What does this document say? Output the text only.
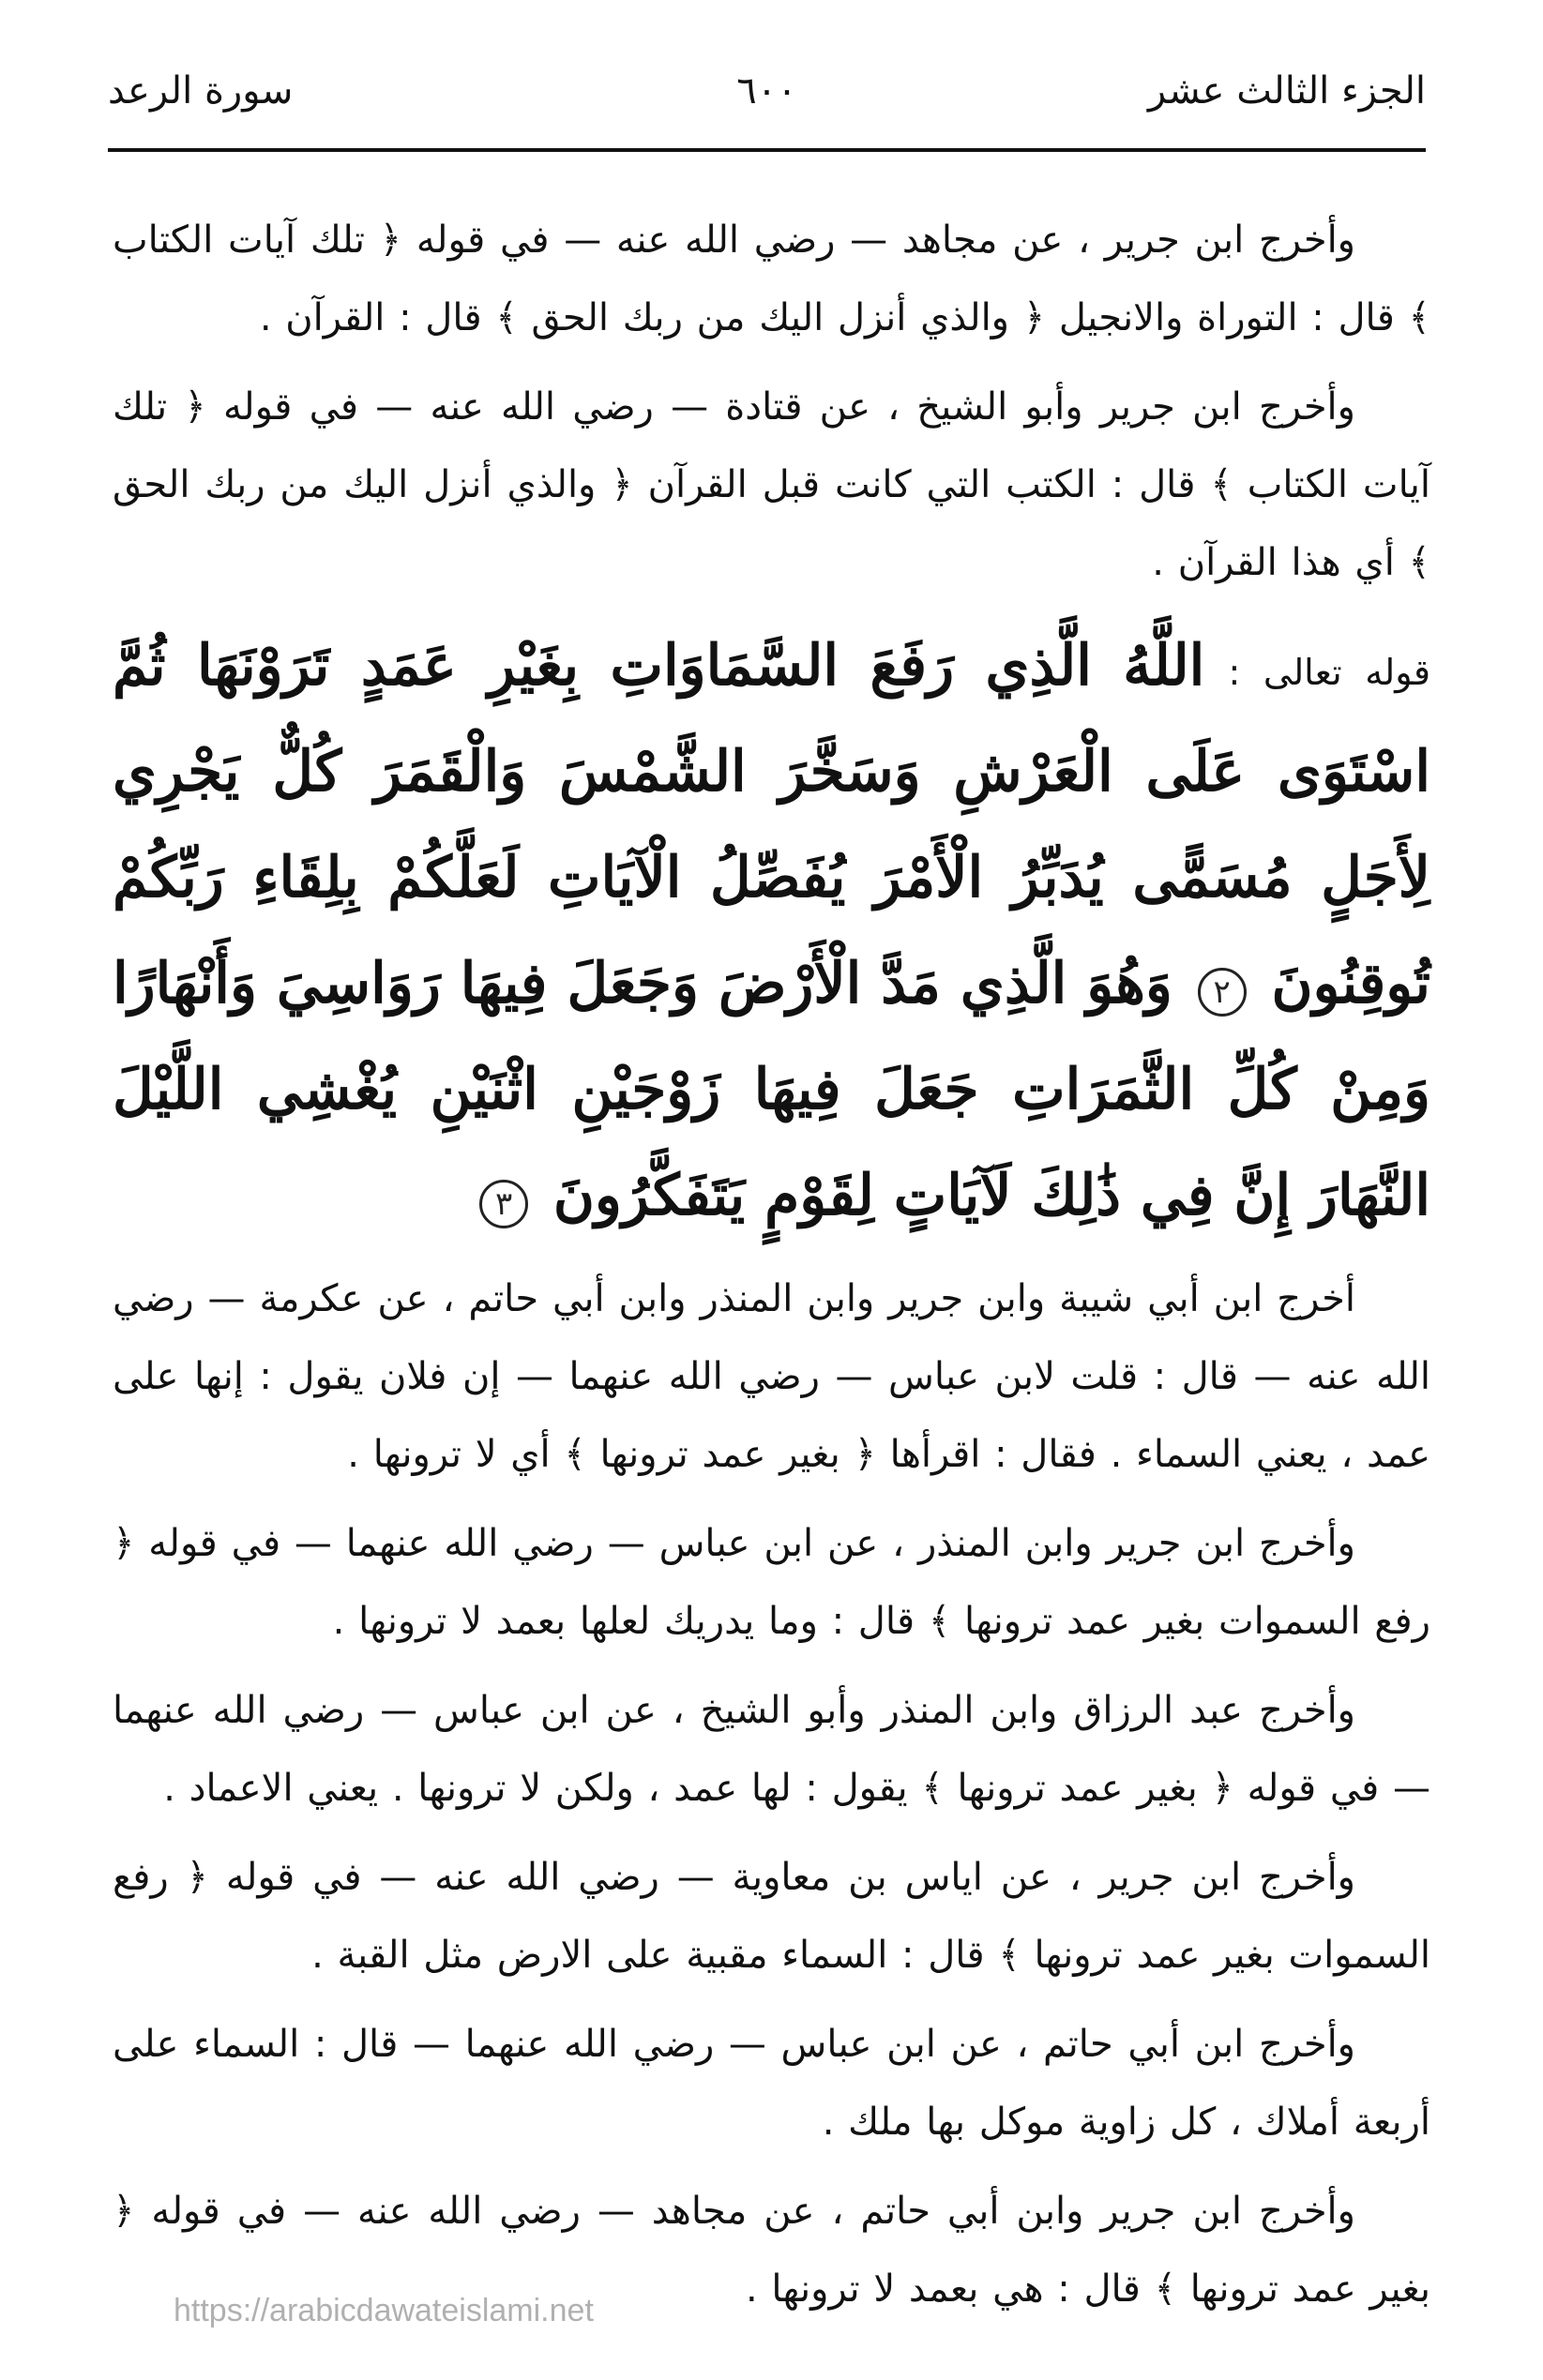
الجزء الثالث عشر
٦٠٠
سورة الرعد

وأخرج ابن جرير ، عن مجاهد — رضي الله عنه — في قوله ﴿ تلك آيات الكتاب ﴾ قال : التوراة والانجيل ﴿ والذي أنزل اليك من ربك الحق ﴾ قال : القرآن .

وأخرج ابن جرير وأبو الشيخ ، عن قتادة — رضي الله عنه — في قوله ﴿ تلك آيات الكتاب ﴾ قال : الكتب التي كانت قبل القرآن ﴿ والذي أنزل اليك من ربك الحق ﴾ أي هذا القرآن .

قوله تعالى : اللَّهُ الَّذِي رَفَعَ السَّمَاوَاتِ بِغَيْرِ عَمَدٍ تَرَوْنَهَا ثُمَّ اسْتَوَى عَلَى الْعَرْشِ وَسَخَّرَ الشَّمْسَ وَالْقَمَرَ كُلٌّ يَجْرِي لِأَجَلٍ مُسَمًّى يُدَبِّرُ الْأَمْرَ يُفَصِّلُ الْآيَاتِ لَعَلَّكُمْ بِلِقَاءِ رَبِّكُمْ تُوقِنُونَ ٢ وَهُوَ الَّذِي مَدَّ الْأَرْضَ وَجَعَلَ فِيهَا رَوَاسِيَ وَأَنْهَارًا وَمِنْ كُلِّ الثَّمَرَاتِ جَعَلَ فِيهَا زَوْجَيْنِ اثْنَيْنِ يُغْشِي اللَّيْلَ النَّهَارَ إِنَّ فِي ذَٰلِكَ لَآيَاتٍ لِقَوْمٍ يَتَفَكَّرُونَ ٣

أخرج ابن أبي شيبة وابن جرير وابن المنذر وابن أبي حاتم ، عن عكرمة — رضي الله عنه — قال : قلت لابن عباس — رضي الله عنهما — إن فلان يقول : إنها على عمد ، يعني السماء . فقال : اقرأها ﴿ بغير عمد ترونها ﴾ أي لا ترونها .

وأخرج ابن جرير وابن المنذر ، عن ابن عباس — رضي الله عنهما — في قوله ﴿ رفع السموات بغير عمد ترونها ﴾ قال : وما يدريك لعلها بعمد لا ترونها .

وأخرج عبد الرزاق وابن المنذر وأبو الشيخ ، عن ابن عباس — رضي الله عنهما — في قوله ﴿ بغير عمد ترونها ﴾ يقول : لها عمد ، ولكن لا ترونها . يعني الاعماد .

وأخرج ابن جرير ، عن اياس بن معاوية — رضي الله عنه — في قوله ﴿ رفع السموات بغير عمد ترونها ﴾ قال : السماء مقبية على الارض مثل القبة .

وأخرج ابن أبي حاتم ، عن ابن عباس — رضي الله عنهما — قال : السماء على أربعة أملاك ، كل زاوية موكل بها ملك .

وأخرج ابن جرير وابن أبي حاتم ، عن مجاهد — رضي الله عنه — في قوله ﴿ بغير عمد ترونها ﴾ قال : هي بعمد لا ترونها .

https://arabicdawateislami.net
